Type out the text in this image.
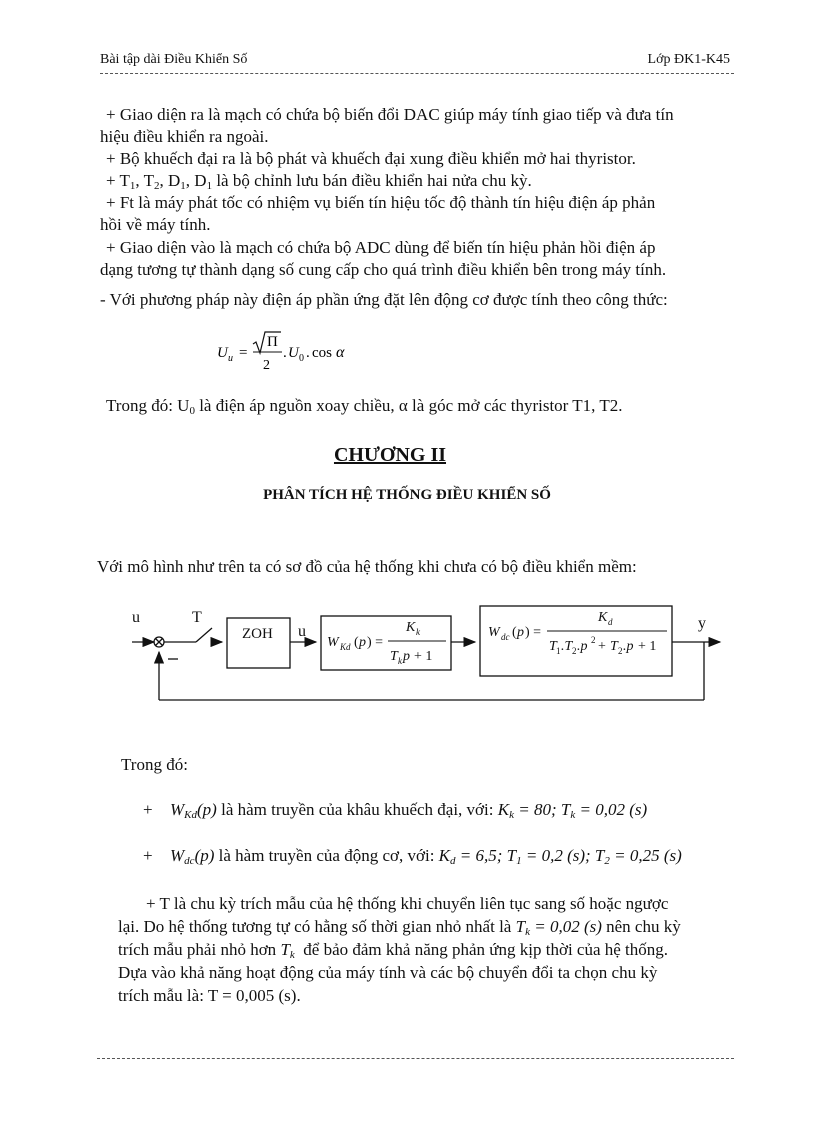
Bài tập dài Điều Khiển Số	Lớp ĐK1-K45
+ Giao diện ra là mạch có chứa bộ biến đổi DAC giúp máy tính giao tiếp và đưa tín
hiệu điều khiển ra ngoài.
+ Bộ khuếch đại ra là bộ phát và khuếch đại xung điều khiển mở hai thyristor.
+ $T_1$, $T_2$, $D_1$, $D_1$ là bộ chỉnh lưu bán điều khiển hai nửa chu kỳ.
+ Ft là máy phát tốc có nhiệm vụ biến tín hiệu tốc độ thành tín hiệu điện áp phản
hồi về máy tính.
+ Giao diện vào là mạch có chứa bộ ADC dùng để biến tín hiệu phản hồi điện áp
dạng tương tự thành dạng số cung cấp cho quá trình điều khiển bên trong máy tính.
- Với phương pháp này điện áp phần ứng đặt lên động cơ được tính theo công thức:
U u =
Π
2
. U 0 . cos α
Trong đó: $U_0$ là điện áp nguồn xoay chiều, α là góc mở các thyristor T1, T2.
CHƯƠNG II
PHÂN TÍCH HỆ THỐNG ĐIỀU KHIỂN SỐ
Với mô hình như trên ta có sơ đồ của hệ thống khi chưa có bộ điều khiển mềm:
u	T
ZOH u	y
W Kd ( p ) =
K k
T k p + 1
W dc ( p ) =
K d
T 1 .T 2 .p 2 + T 2 .p + 1
Trong đó:
+ $W_{Kd}(p)$ là hàm truyền của khâu khuếch đại, với: $K_k = 80$; $T_k = 0,02$ (s)
+ $W_{dc}(p)$ là hàm truyền của động cơ, với: $K_d = 6,5$; $T_1 = 0,2$ (s); $T_2 = 0,25$ (s)
+ T là chu kỳ trích mẫu của hệ thống khi chuyển liên tục sang số hoặc ngược
lại. Do hệ thống tương tự có hằng số thời gian nhỏ nhất là $T_k = 0,02$ (s) nên chu kỳ
trích mẫu phải nhỏ hơn $T_k$ để bảo đảm khả năng phản ứng kịp thời của hệ thống.
Dựa vào khả năng hoạt động của máy tính và các bộ chuyển đổi ta chọn chu kỳ
trích mẫu là: T = 0,005 (s).
